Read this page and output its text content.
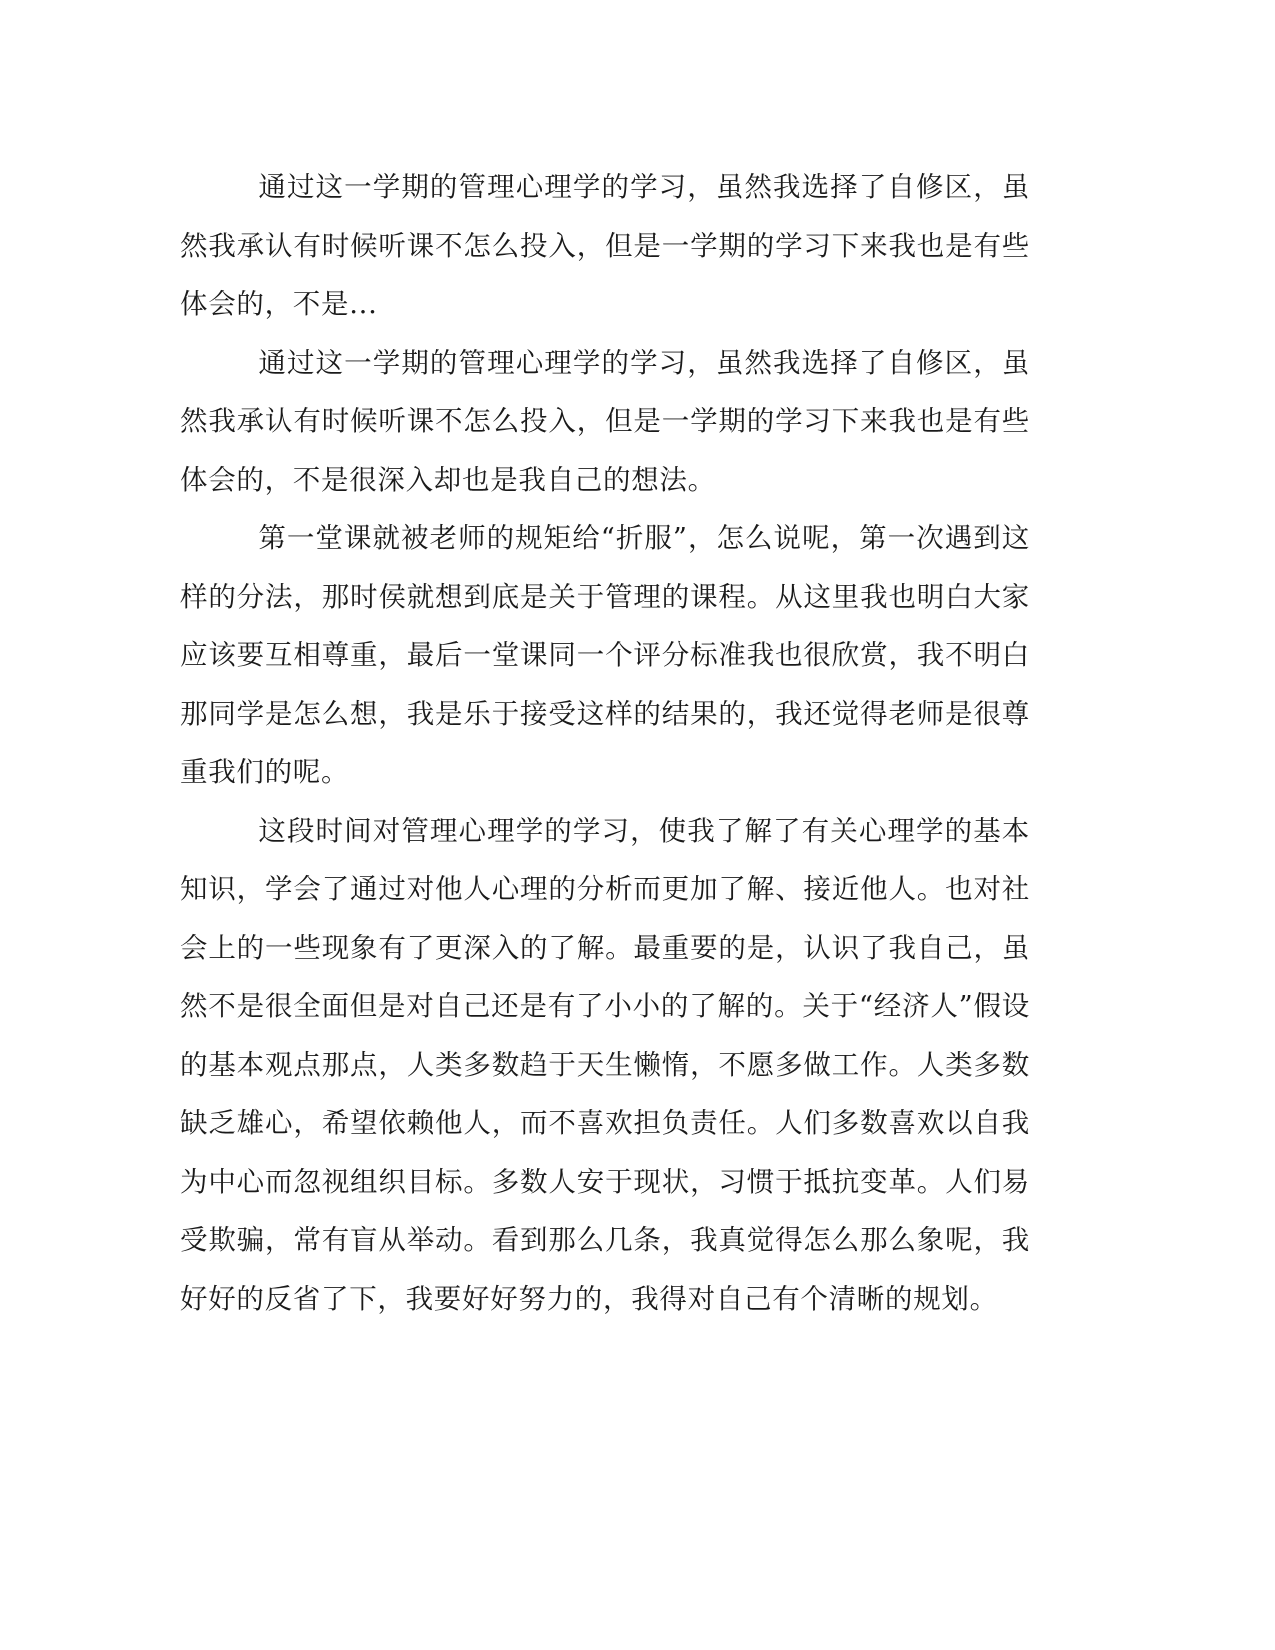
通过这一学期的管理心理学的学习，虽然我选择了自修区，虽然我承认有时候听课不怎么投入，但是一学期的学习下来我也是有些体会的，不是...

通过这一学期的管理心理学的学习，虽然我选择了自修区，虽然我承认有时候听课不怎么投入，但是一学期的学习下来我也是有些体会的，不是很深入却也是我自己的想法。

第一堂课就被老师的规矩给“折服”，怎么说呢，第一次遇到这样的分法，那时侯就想到底是关于管理的课程。从这里我也明白大家应该要互相尊重，最后一堂课同一个评分标准我也很欣赏，我不明白那同学是怎么想，我是乐于接受这样的结果的，我还觉得老师是很尊重我们的呢。

这段时间对管理心理学的学习，使我了解了有关心理学的基本知识，学会了通过对他人心理的分析而更加了解、接近他人。也对社会上的一些现象有了更深入的了解。最重要的是，认识了我自己，虽然不是很全面但是对自己还是有了小小的了解的。关于“经济人”假设的基本观点那点，人类多数趋于天生懒惰，不愿多做工作。人类多数缺乏雄心，希望依赖他人，而不喜欢担负责任。人们多数喜欢以自我为中心而忽视组织目标。多数人安于现状，习惯于抵抗变革。人们易受欺骗，常有盲从举动。看到那么几条，我真觉得怎么那么象呢，我好好的反省了下，我要好好努力的，我得对自己有个清晰的规划。
